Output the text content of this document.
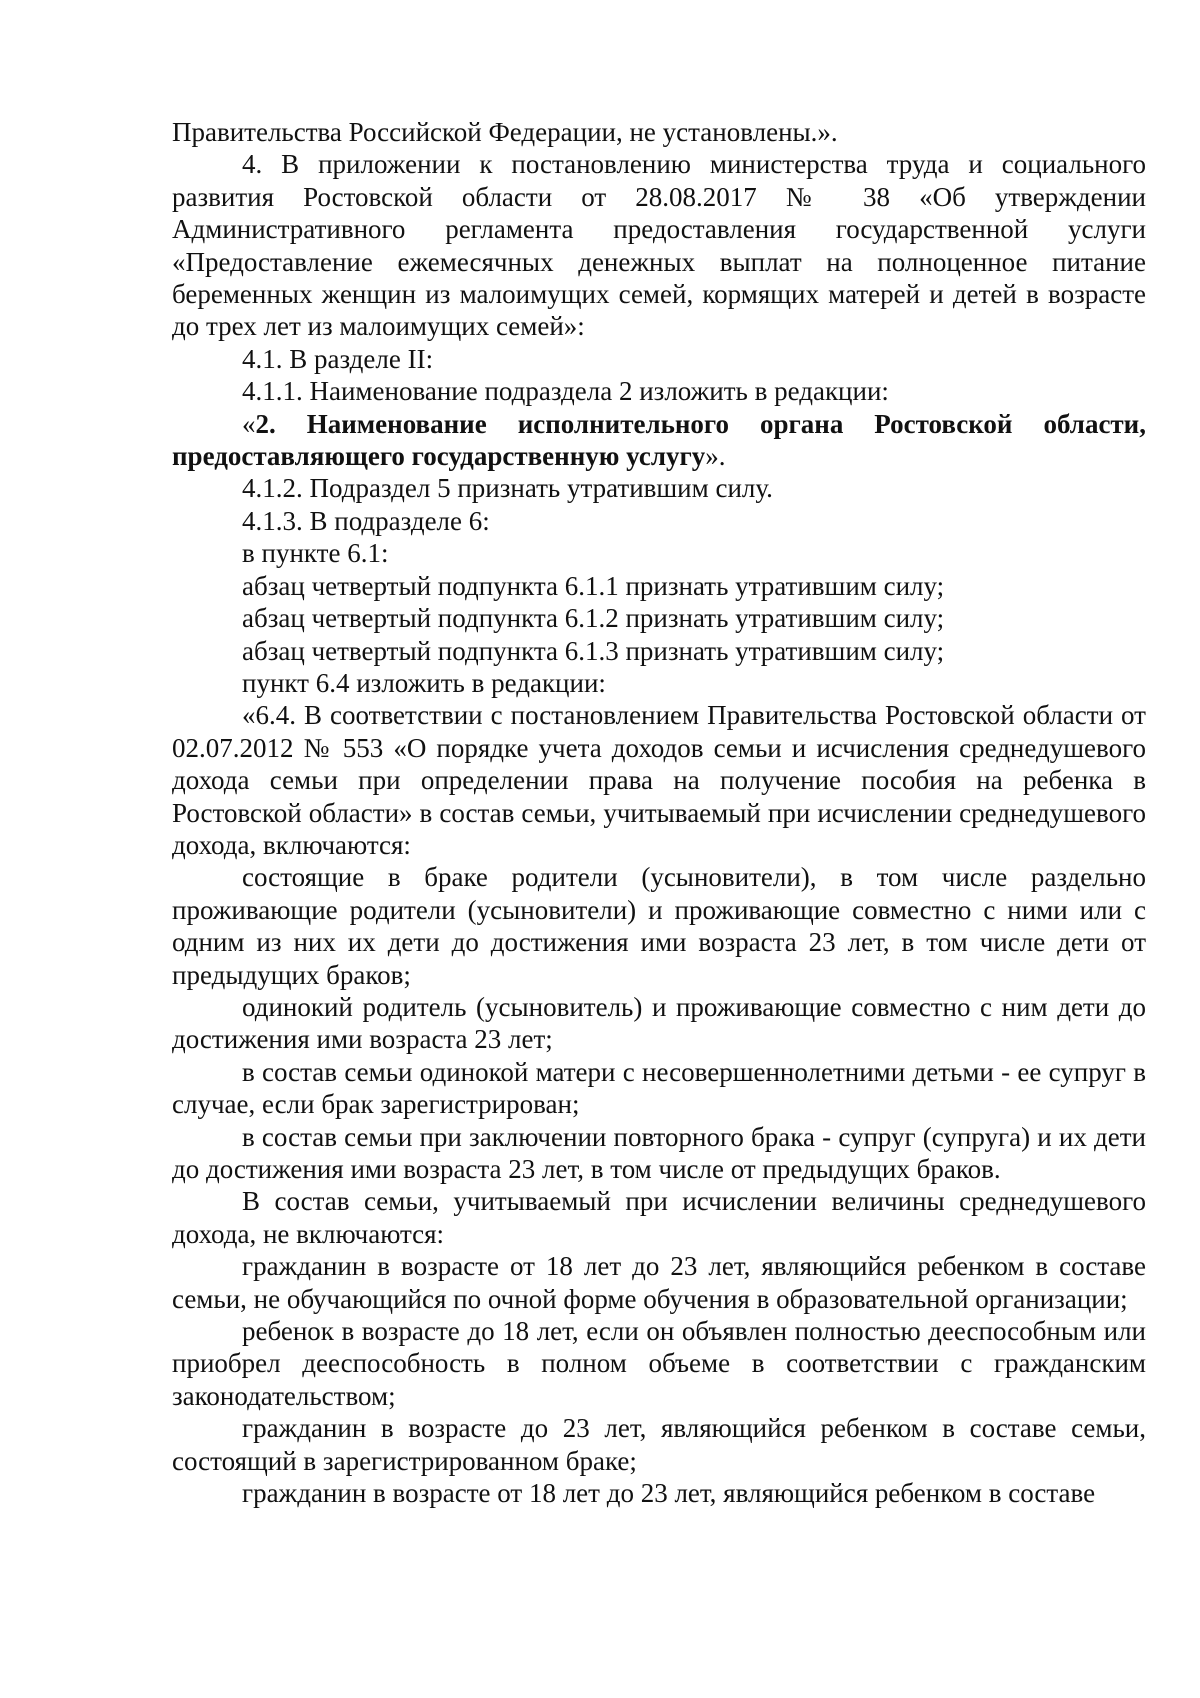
Правительства Российской Федерации, не установлены.».

4. В приложении к постановлению министерства труда и социального развития Ростовской области от 28.08.2017 № 38 «Об утверждении Административного регламента предоставления государственной услуги «Предоставление ежемесячных денежных выплат на полноценное питание беременных женщин из малоимущих семей, кормящих матерей и детей в возрасте до трех лет из малоимущих семей»:

4.1. В разделе II:

4.1.1. Наименование подраздела 2 изложить в редакции:

«2. Наименование исполнительного органа Ростовской области, предоставляющего государственную услугу».

4.1.2. Подраздел 5 признать утратившим силу.

4.1.3. В подразделе 6:

в пункте 6.1:

абзац четвертый подпункта 6.1.1 признать утратившим силу;

абзац четвертый подпункта 6.1.2 признать утратившим силу;

абзац четвертый подпункта 6.1.3 признать утратившим силу;

пункт 6.4 изложить в редакции:

«6.4. В соответствии с постановлением Правительства Ростовской области от 02.07.2012 № 553 «О порядке учета доходов семьи и исчисления среднедушевого дохода семьи при определении права на получение пособия на ребенка в Ростовской области» в состав семьи, учитываемый при исчислении среднедушевого дохода, включаются:

состоящие в браке родители (усыновители), в том числе раздельно проживающие родители (усыновители) и проживающие совместно с ними или с одним из них их дети до достижения ими возраста 23 лет, в том числе дети от предыдущих браков;

одинокий родитель (усыновитель) и проживающие совместно с ним дети до достижения ими возраста 23 лет;

в состав семьи одинокой матери с несовершеннолетними детьми - ее супруг в случае, если брак зарегистрирован;

в состав семьи при заключении повторного брака - супруг (супруга) и их дети до достижения ими возраста 23 лет, в том числе от предыдущих браков.

В состав семьи, учитываемый при исчислении величины среднедушевого дохода, не включаются:

гражданин в возрасте от 18 лет до 23 лет, являющийся ребенком в составе семьи, не обучающийся по очной форме обучения в образовательной организации;

ребенок в возрасте до 18 лет, если он объявлен полностью дееспособным или приобрел дееспособность в полном объеме в соответствии с гражданским законодательством;

гражданин в возрасте до 23 лет, являющийся ребенком в составе семьи, состоящий в зарегистрированном браке;

гражданин в возрасте от 18 лет до 23 лет, являющийся ребенком в составе
